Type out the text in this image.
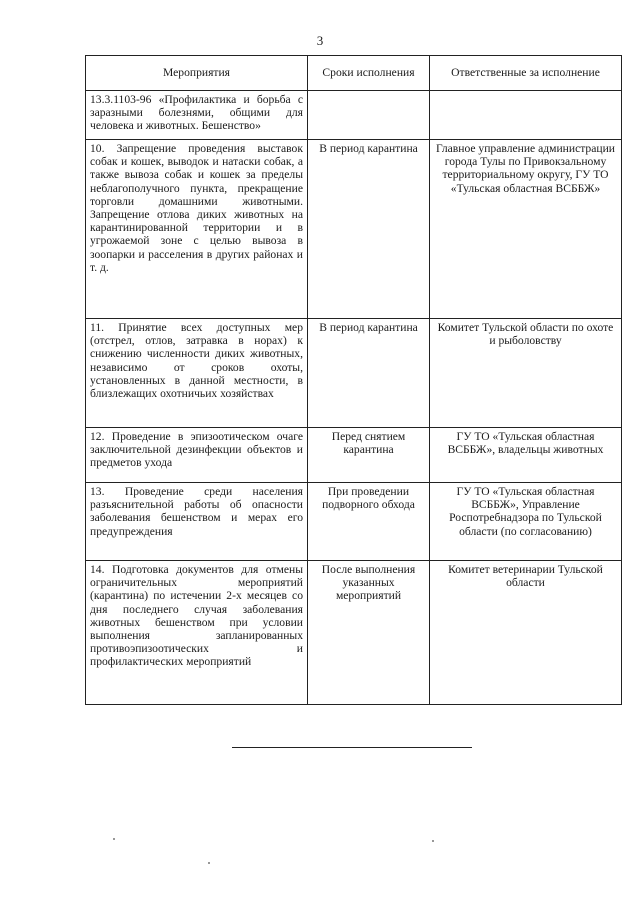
3
Мероприятия	Сроки исполнения	Ответственные за исполнение
13.3.1103-96 «Профилактика и борьба с заразными болезнями, общими для человека и животных. Бешенство»		
10. Запрещение проведения выставок собак и кошек, выводок и натаски собак, а также вывоза собак и кошек за пределы неблагополучного пункта, прекращение торговли домашними животными. Запрещение отлова диких животных на карантинированной территории и в угрожаемой зоне с целью вывоза в зоопарки и расселения в других районах и т. д.	В период карантина	Главное управление администрации города Тулы по Привокзальному территориальному округу, ГУ ТО «Тульская областная ВСББЖ»
11. Принятие всех доступных мер (отстрел, отлов, затравка в норах) к снижению численности диких животных, независимо от сроков охоты, установленных в данной местности, в близлежащих охотничьих хозяйствах	В период карантина	Комитет Тульской области по охоте и рыболовству
12. Проведение в эпизоотическом очаге заключительной дезинфекции объектов и предметов ухода	Перед снятием карантина	ГУ ТО «Тульская областная ВСББЖ», владельцы животных
13. Проведение среди населения разъяснительной работы об опасности заболевания бешенством и мерах его предупреждения	При проведении подворного обхода	ГУ ТО «Тульская областная ВСББЖ», Управление Роспотребнадзора по Тульской области (по согласованию)
14. Подготовка документов для отмены ограничительных мероприятий (карантина) по истечении 2-х месяцев со дня последнего случая заболевания животных бешенством при условии выполнения запланированных противоэпизоотических и профилактических мероприятий	После выполнения указанных мероприятий	Комитет ветеринарии Тульской области
